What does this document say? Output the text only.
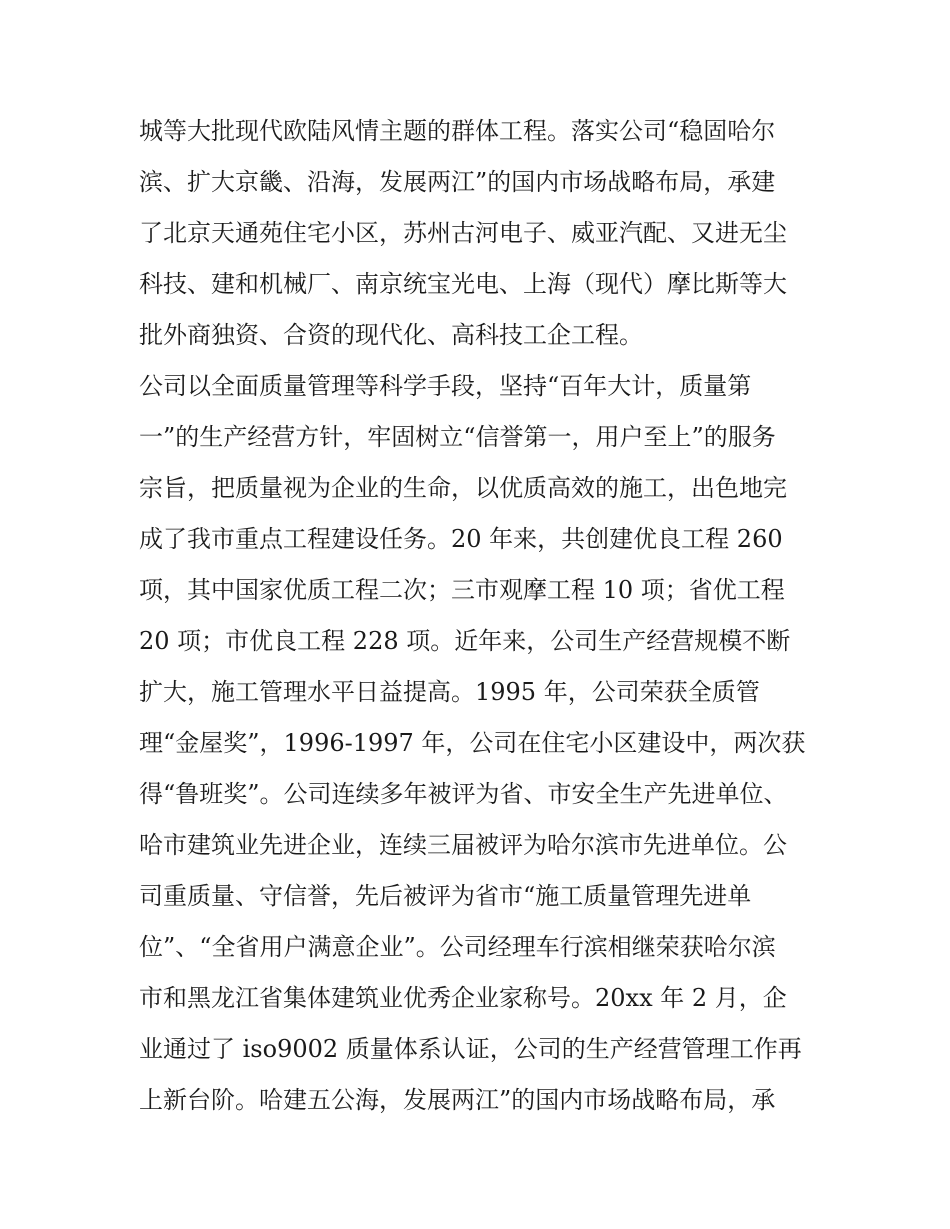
城等大批现代欧陆风情主题的群体工程。落实公司“稳固哈尔
滨、扩大京畿、沿海，发展两江”的国内市场战略布局，承建
了北京天通苑住宅小区，苏州古河电子、威亚汽配、又进无尘
科技、建和机械厂、南京统宝光电、上海（现代）摩比斯等大
批外商独资、合资的现代化、高科技工企工程。
公司以全面质量管理等科学手段，坚持“百年大计，质量第
一”的生产经营方针，牢固树立“信誉第一，用户至上”的服务
宗旨，把质量视为企业的生命，以优质高效的施工，出色地完
成了我市重点工程建设任务。20 年来，共创建优良工程 260
项，其中国家优质工程二次；三市观摩工程 10 项；省优工程
20 项；市优良工程 228 项。近年来，公司生产经营规模不断
扩大，施工管理水平日益提高。1995 年，公司荣获全质管
理“金屋奖”，1996-1997 年，公司在住宅小区建设中，两次获
得“鲁班奖”。公司连续多年被评为省、市安全生产先进单位、
哈市建筑业先进企业，连续三届被评为哈尔滨市先进单位。公
司重质量、守信誉，先后被评为省市“施工质量管理先进单
位”、“全省用户满意企业”。公司经理车行滨相继荣获哈尔滨
市和黑龙江省集体建筑业优秀企业家称号。20xx 年 2 月，企
业通过了 iso9002 质量体系认证，公司的生产经营管理工作再
上新台阶。哈建五公海，发展两江”的国内市场战略布局，承
